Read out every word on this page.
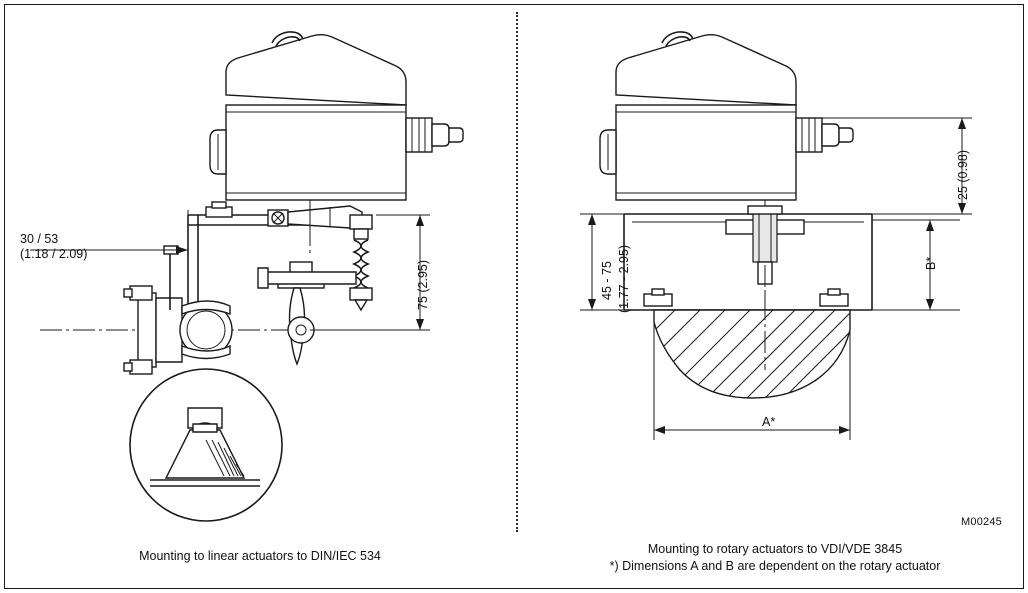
30 / 53
(1.18 / 2.09)
75 (2.95)
25 (0.98)
45 - 75 (1.77 - 2.95)	B*
A*
M00245
Mounting to linear actuators to DIN/IEC 534	Mounting to rotary actuators to VDI/VDE 3845
*) Dimensions A and B are dependent on the rotary actuator
